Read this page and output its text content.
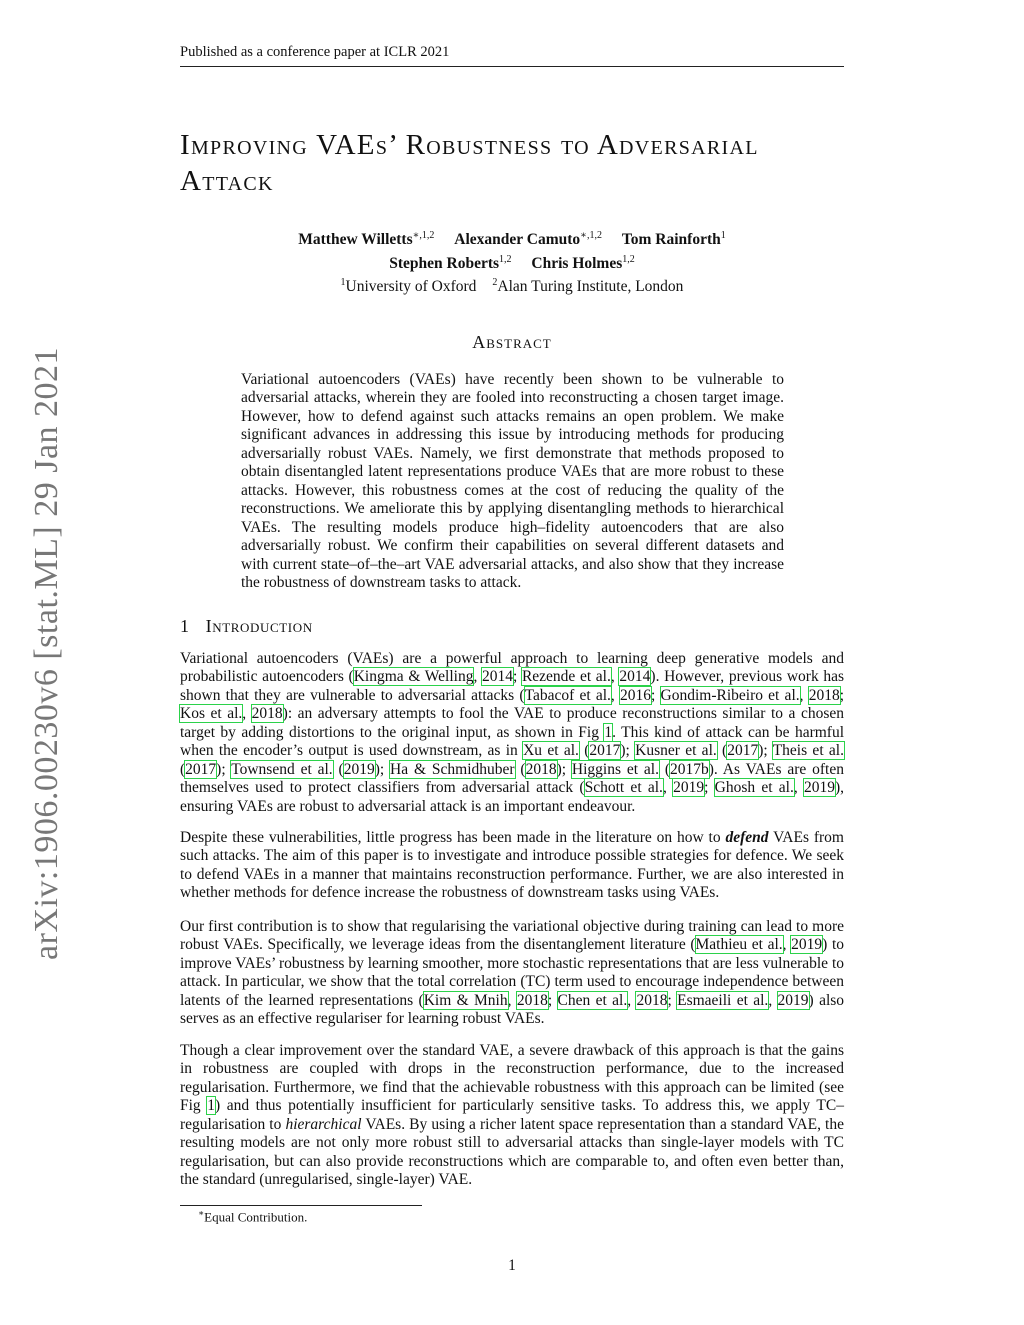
Published as a conference paper at ICLR 2021
arXiv:1906.00230v6 [stat.ML] 29 Jan 2021
Improving VAEs’ Robustness to Adversarial Attack
Matthew Willetts$^{∗,1,2}$ Alexander Camuto$^{∗,1,2}$ Tom Rainforth$^1$
Stephen Roberts$^{1,2}$ Chris Holmes$^{1,2}$
$^1$University of Oxford $^2$Alan Turing Institute, London
Abstract
Variational autoencoders (VAEs) have recently been shown to be vulnerable to adversarial attacks, wherein they are fooled into reconstructing a chosen target image. However, how to defend against such attacks remains an open problem. We make significant advances in addressing this issue by introducing methods for producing adversarially robust VAEs. Namely, we first demonstrate that methods proposed to obtain disentangled latent representations produce VAEs that are more robust to these attacks. However, this robustness comes at the cost of reducing the quality of the reconstructions. We ameliorate this by applying disentangling methods to hierarchical VAEs. The resulting models produce high–fidelity autoencoders that are also adversarially robust. We confirm their capabilities on several different datasets and with current state–of–the–art VAE adversarial attacks, and also show that they increase the robustness of downstream tasks to attack.
1 Introduction

Variational autoencoders (VAEs) are a powerful approach to learning deep generative models and probabilistic autoencoders (Kingma & Welling, 2014; Rezende et al., 2014). However, previous work has shown that they are vulnerable to adversarial attacks (Tabacof et al., 2016; Gondim-Ribeiro et al., 2018; Kos et al., 2018): an adversary attempts to fool the VAE to produce reconstructions similar to a chosen target by adding distortions to the original input, as shown in Fig 1. This kind of attack can be harmful when the encoder’s output is used downstream, as in Xu et al. (2017); Kusner et al. (2017); Theis et al. (2017); Townsend et al. (2019); Ha & Schmidhuber (2018); Higgins et al. (2017b). As VAEs are often themselves used to protect classifiers from adversarial attack (Schott et al., 2019; Ghosh et al., 2019), ensuring VAEs are robust to adversarial attack is an important endeavour.

Despite these vulnerabilities, little progress has been made in the literature on how to defend VAEs from such attacks. The aim of this paper is to investigate and introduce possible strategies for defence. We seek to defend VAEs in a manner that maintains reconstruction performance. Further, we are also interested in whether methods for defence increase the robustness of downstream tasks using VAEs.

Our first contribution is to show that regularising the variational objective during training can lead to more robust VAEs. Specifically, we leverage ideas from the disentanglement literature (Mathieu et al., 2019) to improve VAEs’ robustness by learning smoother, more stochastic representations that are less vulnerable to attack. In particular, we show that the total correlation (TC) term used to encourage independence between latents of the learned representations (Kim & Mnih, 2018; Chen et al., 2018; Esmaeili et al., 2019) also serves as an effective regulariser for learning robust VAEs.

Though a clear improvement over the standard VAE, a severe drawback of this approach is that the gains in robustness are coupled with drops in the reconstruction performance, due to the increased regularisation. Furthermore, we find that the achievable robustness with this approach can be limited (see Fig 1) and thus potentially insufficient for particularly sensitive tasks. To address this, we apply TC–regularisation to hierarchical VAEs. By using a richer latent space representation than a standard VAE, the resulting models are not only more robust still to adversarial attacks than single-layer models with TC regularisation, but can also provide reconstructions which are comparable to, and often even better than, the standard (unregularised, single-layer) VAE.

∗Equal Contribution.
1
